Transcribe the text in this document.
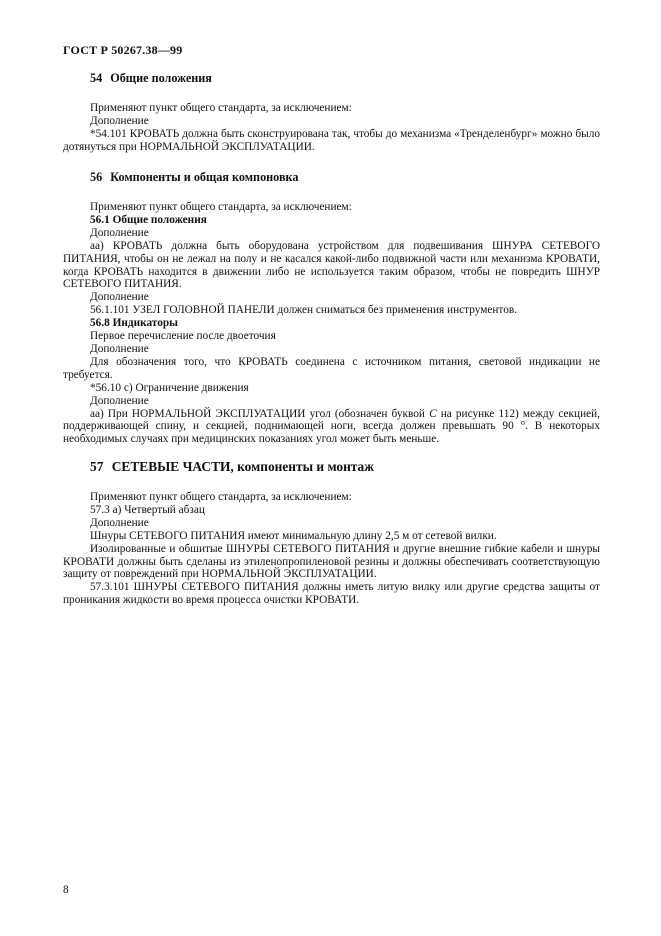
ГОСТ Р 50267.38—99
54 Общие положения

Применяют пункт общего стандарта, за исключением:

Дополнение

*54.101 КРОВАТЬ должна быть сконструирована так, чтобы до механизма «Тренделенбург» можно было дотянуться при НОРМАЛЬНОЙ ЭКСПЛУАТАЦИИ.

56 Компоненты и общая компоновка

Применяют пункт общего стандарта, за исключением:

56.1 Общие положения

Дополнение

аа) КРОВАТЬ должна быть оборудована устройством для подвешивания ШНУРА СЕТЕВОГО ПИТАНИЯ, чтобы он не лежал на полу и не касался какой-либо подвижной части или механизма КРОВАТИ, когда КРОВАТЬ находится в движении либо не используется таким образом, чтобы не повредить ШНУР СЕТЕВОГО ПИТАНИЯ.

Дополнение

56.1.101 УЗЕЛ ГОЛОВНОЙ ПАНЕЛИ должен сниматься без применения инструментов.

56.8 Индикаторы

Первое перечисление после двоеточия

Дополнение

Для обозначения того, что КРОВАТЬ соединена с источником питания, световой индикации не требуется.

*56.10 с) Ограничение движения

Дополнение

аа) При НОРМАЛЬНОЙ ЭКСПЛУАТАЦИИ угол (обозначен буквой С на рисунке 112) между секцией, поддерживающей спину, и секцией, поднимающей ноги, всегда должен превышать 90 °. В некоторых необходимых случаях при медицинских показаниях угол может быть меньше.

57 СЕТЕВЫЕ ЧАСТИ, компоненты и монтаж

Применяют пункт общего стандарта, за исключением:

57.3 а) Четвертый абзац

Дополнение

Шнуры СЕТЕВОГО ПИТАНИЯ имеют минимальную длину 2,5 м от сетевой вилки.

Изолированные и обшитые ШНУРЫ СЕТЕВОГО ПИТАНИЯ и другие внешние гибкие кабели и шнуры КРОВАТИ должны быть сделаны из этиленопропиленовой резины и должны обеспечивать соответствующую защиту от повреждений при НОРМАЛЬНОЙ ЭКСПЛУАТАЦИИ.

57.3.101 ШНУРЫ СЕТЕВОГО ПИТАНИЯ должны иметь литую вилку или другие средства защиты от проникания жидкости во время процесса очистки КРОВАТИ.

8
